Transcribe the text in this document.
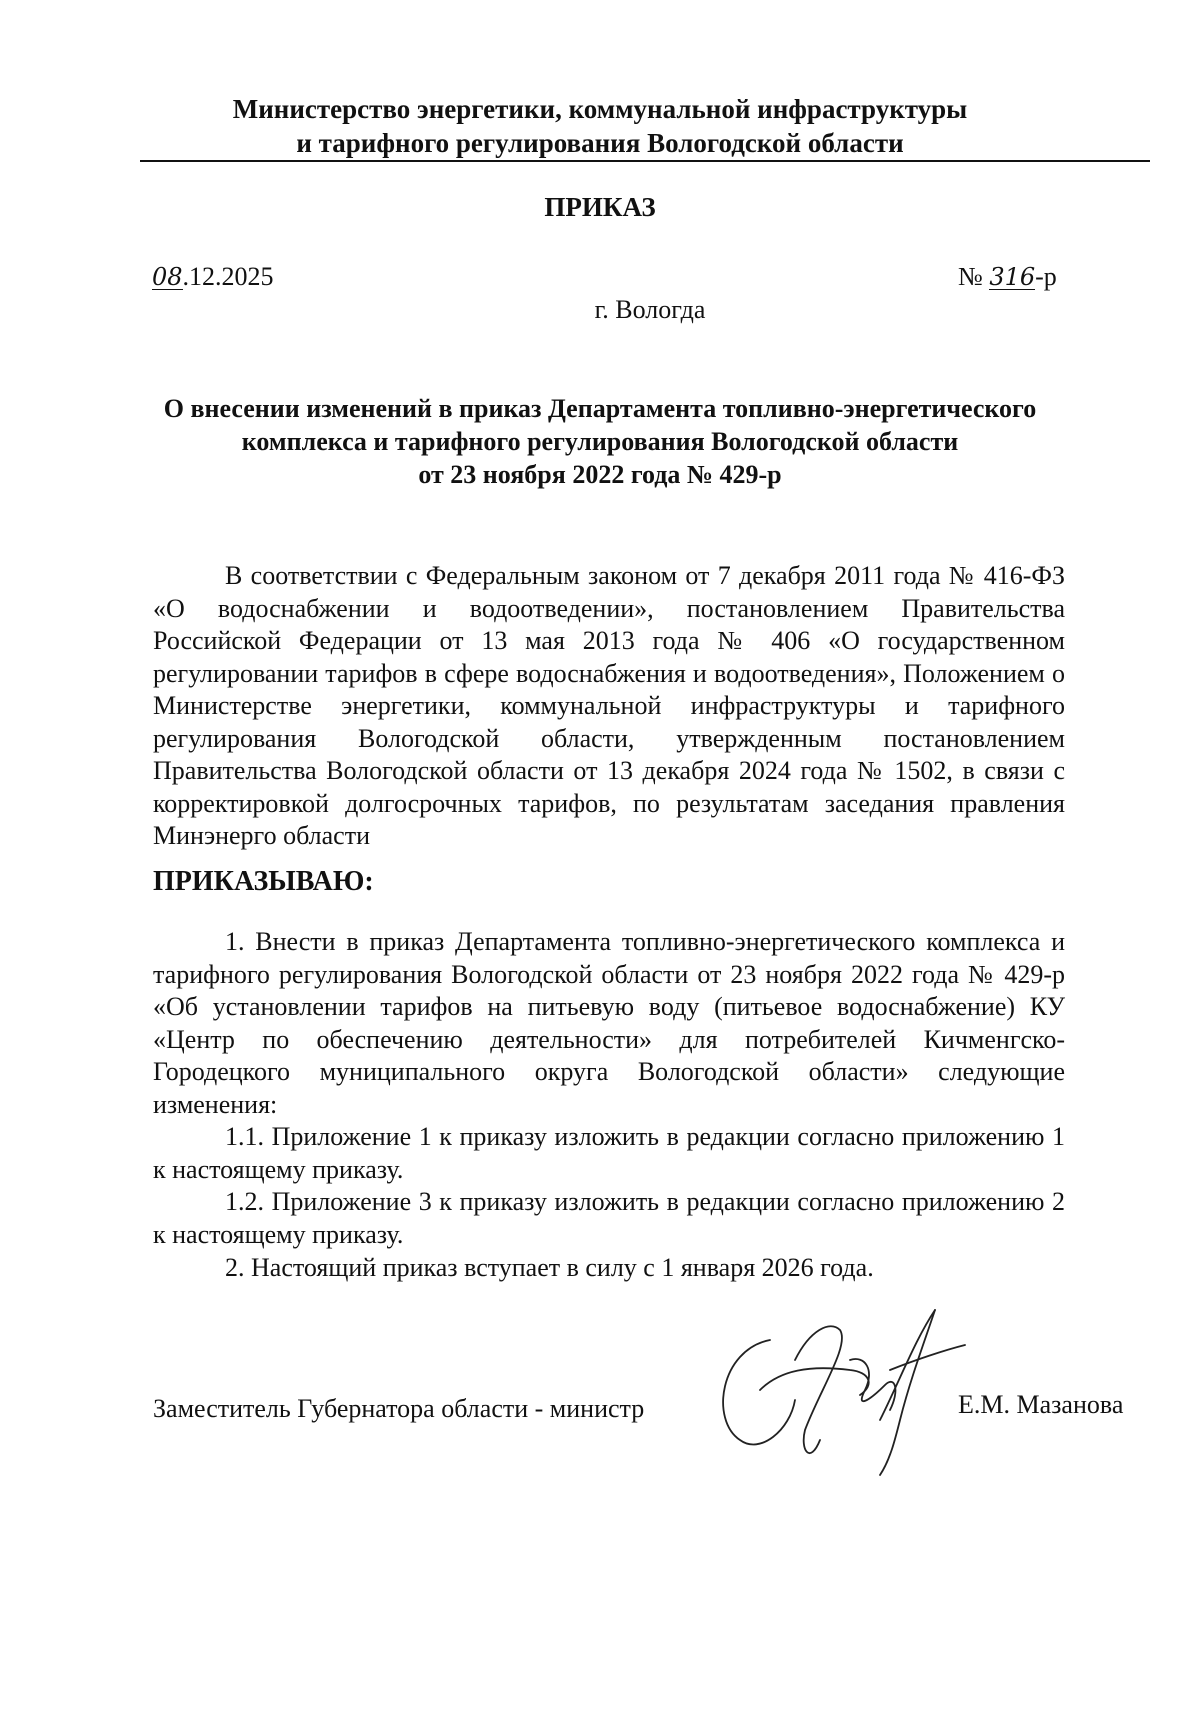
Министерство энергетики, коммунальной инфраструктуры
и тарифного регулирования Вологодской области
ПРИКАЗ
08.12.2025	№ 316-р
г. Вологда
О внесении изменений в приказ Департамента топливно-энергетического
комплекса и тарифного регулирования Вологодской области
от 23 ноября 2022 года № 429-р
В соответствии с Федеральным законом от 7 декабря 2011 года № 416-ФЗ «О водоснабжении и водоотведении», постановлением Правительства Российской Федерации от 13 мая 2013 года № 406 «О государственном регулировании тарифов в сфере водоснабжения и водоотведения», Положением о Министерстве энергетики, коммунальной инфраструктуры и тарифного регулирования Вологодской области, утвержденным постановлением Правительства Вологодской области от 13 декабря 2024 года № 1502, в связи с корректировкой долгосрочных тарифов, по результатам заседания правления Минэнерго области
ПРИКАЗЫВАЮ:
1. Внести в приказ Департамента топливно-энергетического комплекса и тарифного регулирования Вологодской области от 23 ноября 2022 года № 429-р «Об установлении тарифов на питьевую воду (питьевое водоснабжение) КУ «Центр по обеспечению деятельности» для потребителей Кичменгско-Городецкого муниципального округа Вологодской области» следующие изменения:
1.1. Приложение 1 к приказу изложить в редакции согласно приложению 1 к настоящему приказу.
1.2. Приложение 3 к приказу изложить в редакции согласно приложению 2 к настоящему приказу.
2. Настоящий приказ вступает в силу с 1 января 2026 года.
Заместитель Губернатора области - министр	Е.М. Мазанова
